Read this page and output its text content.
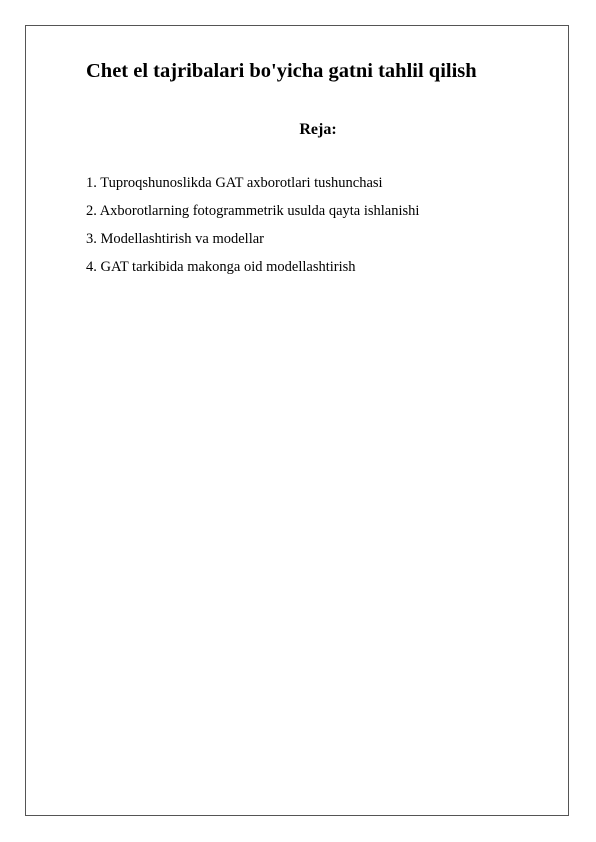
Chet el tajribalari bo'yicha gatni tahlil qilish
Reja:
1. Tuproqshunoslikda GAT axborotlari tushunchasi
2. Axborotlarning fotogrammetrik usulda qayta ishlanishi
3. Modellashtirish va modellar
4. GAT tarkibida makonga oid modellashtirish
